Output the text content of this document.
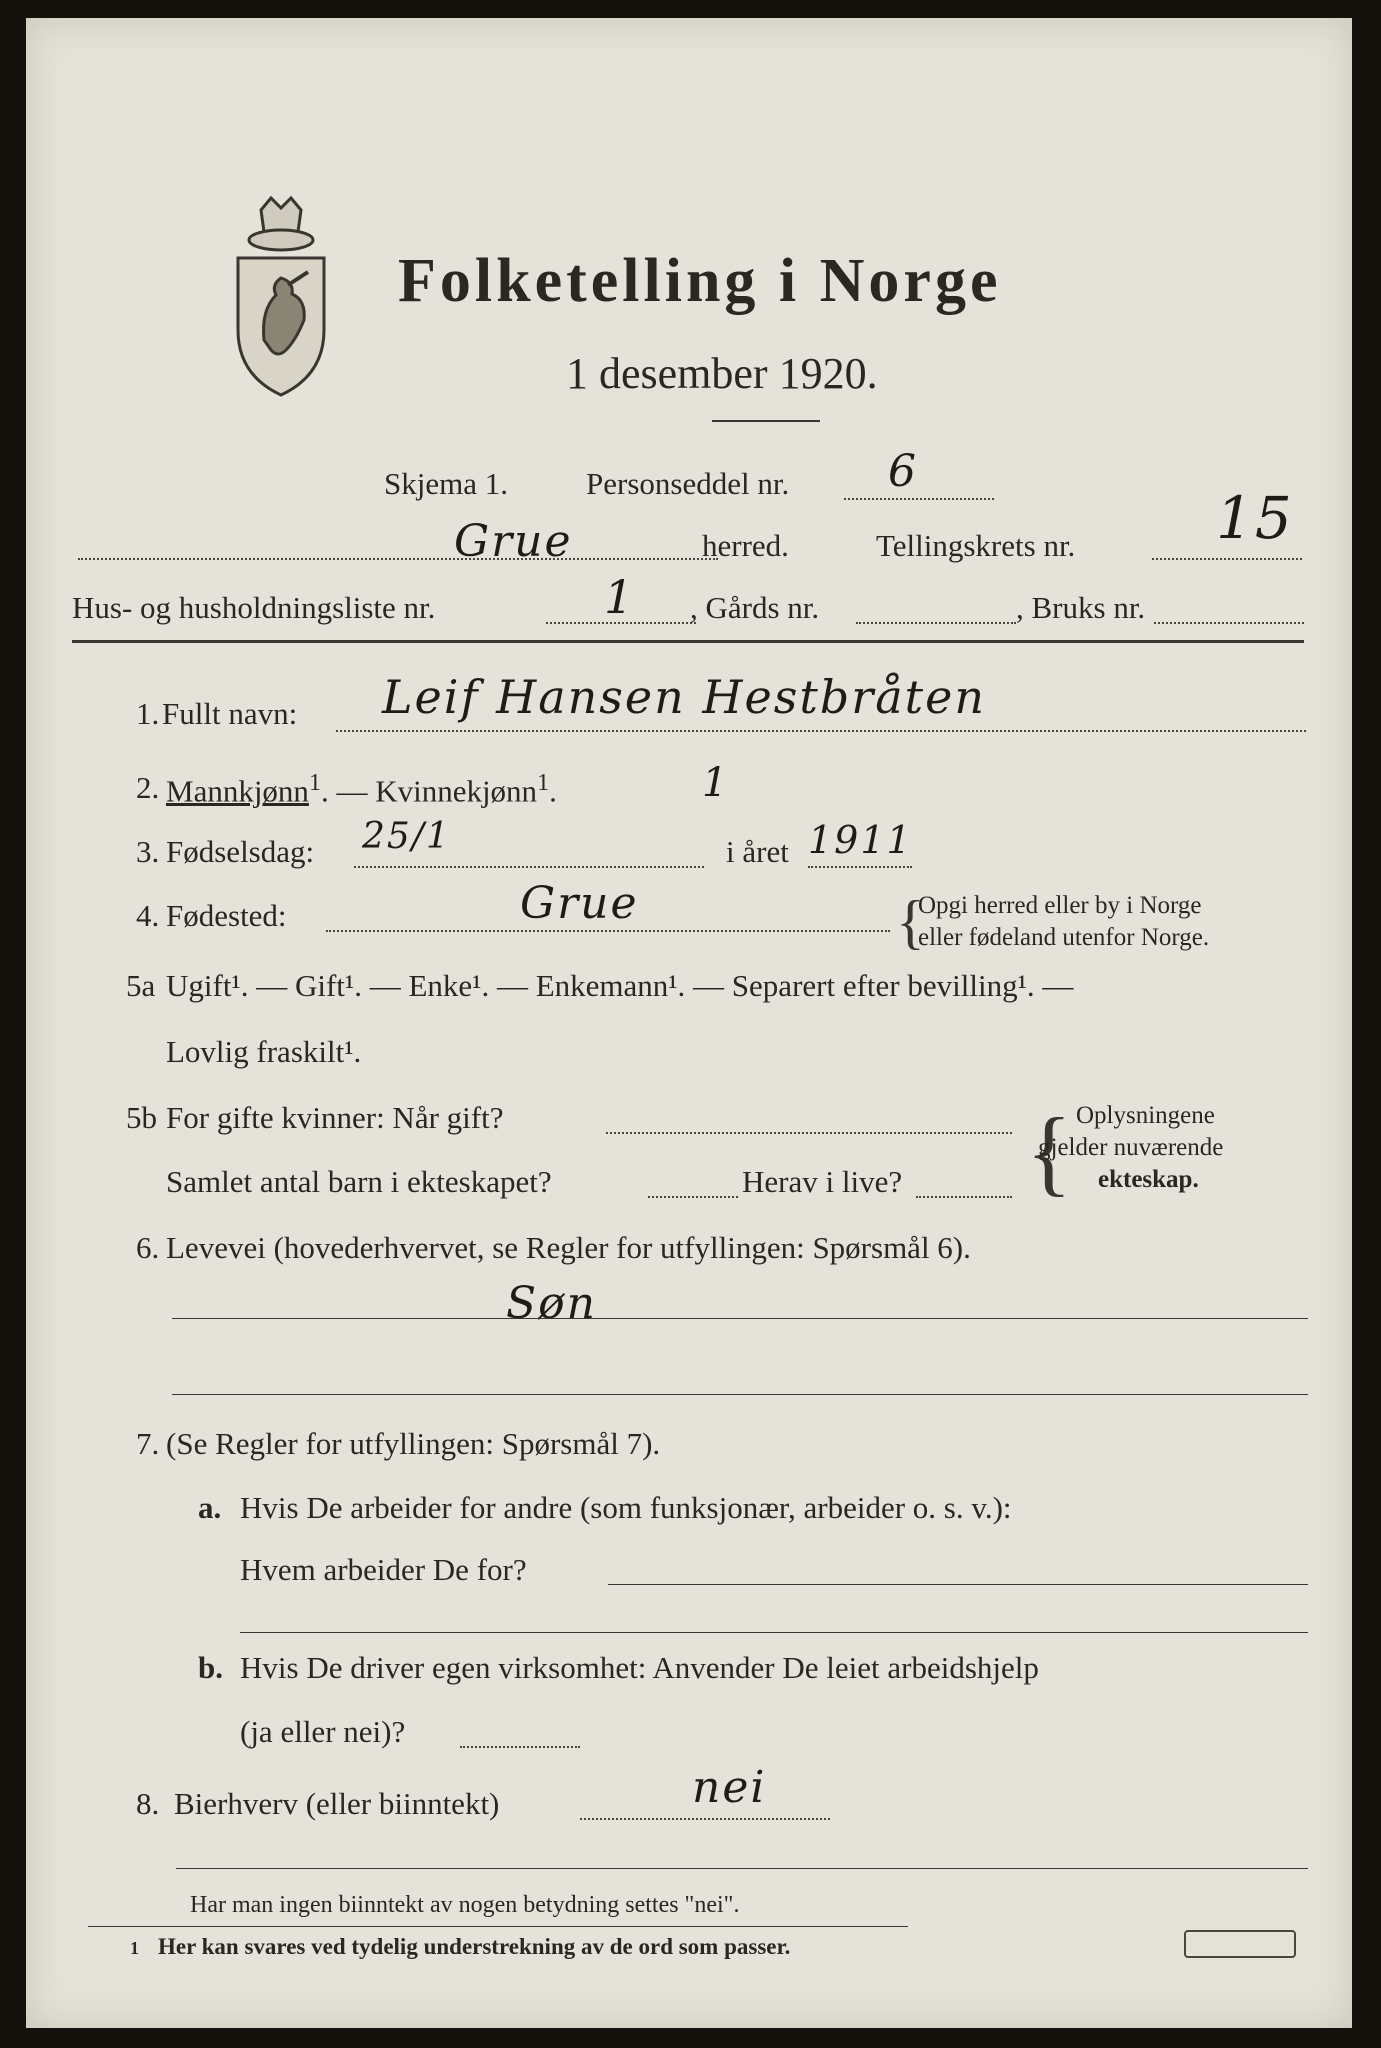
Folketelling i Norge
1 desember 1920.
Skjema 1.	Personseddel nr. 6
Grue	herred.	Tellingskrets nr. 15
Hus- og husholdningsliste nr.	1 , Gårds nr.	, Bruks nr.
1. Fullt navn: Leif Hansen Hestbråten
2. Mannkjønn$^1$. — Kvinnekjønn$^1$.	1
3. Fødselsdag: 25/1	i året 1911
4. Fødested:	Grue	{
Opgi herred eller by i Norge
eller fødeland utenfor Norge.
5a Ugift¹. — Gift¹. — Enke¹. — Enkemann¹. — Separert efter bevilling¹. —
Lovlig fraskilt¹.
5b For gifte kvinner: Når gift?
Samlet antal barn i ekteskapet?	Herav i live? { Oplysningene
gjelder nuværende
ekteskap.
6. Levevei (hovederhvervet, se Regler for utfyllingen: Spørsmål 6).
Søn
7. (Se Regler for utfyllingen: Spørsmål 7).
a. Hvis De arbeider for andre (som funksjonær, arbeider o. s. v.):
Hvem arbeider De for?
b. Hvis De driver egen virksomhet: Anvender De leiet arbeidshjelp
(ja eller nei)?
8. Bierhverv (eller biinntekt)	nei
Har man ingen biinntekt av nogen betydning settes "nei".
1 Her kan svares ved tydelig understrekning av de ord som passer.
